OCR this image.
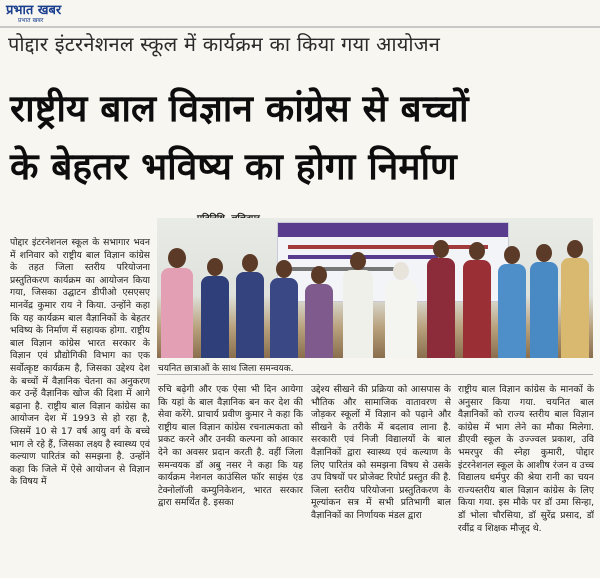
प्रभात खबर
प्रभात खबर
पोद्दार इंटरनेशनल स्कूल में कार्यक्रम का किया गया आयोजन
राष्ट्रीय बाल विज्ञान कांग्रेस से बच्चों
के बेहतर भविष्य का होगा निर्माण

पोद्दार इंटरनेशनल स्कूल के सभागार भवन में शनिवार को राष्ट्रीय बाल विज्ञान कांग्रेस के तहत जिला स्तरीय परियोजना प्रस्तुतिकरण कार्यक्रम का आयोजन किया गया, जिसका उद्घाटन डीपीओ एसएसए मानवेंद्र कुमार राय ने किया. उन्होंने कहा कि यह कार्यक्रम बाल वैज्ञानिकों के बेहतर भविष्य के निर्माण में सहायक होगा. राष्ट्रीय बाल विज्ञान कांग्रेस भारत सरकार के विज्ञान एवं प्रौद्योगिकी विभाग का एक सर्वोत्कृष्ट कार्यक्रम है, जिसका उद्देश्य देश के बच्चों में वैज्ञानिक चेतना का अनुकरण कर उन्हें वैज्ञानिक खोज की दिशा में आगे बढ़ाना है. राष्ट्रीय बाल विज्ञान कांग्रेस का आयोजन देश में 1993 से हो रहा है, जिसमें 10 से 17 वर्ष आयु वर्ग के बच्चे भाग ले रहे हैं, जिसका लक्ष्य है स्वास्थ्य एवं कल्याण पारितंत्र को समझना है. उन्होंने कहा कि जिले में ऐसे आयोजन से विज्ञान के विषय में

चयनित छात्राओं के साथ जिला समन्वयक.

रुचि बढ़ेगी और एक ऐसा भी दिन आयेगा कि यहां के बाल वैज्ञानिक बन कर देश की सेवा करेंगे. प्राचार्य प्रवीण कुमार ने कहा कि राष्ट्रीय बाल विज्ञान कांग्रेस रचनात्मकता को प्रकट करने और उनकी कल्पना को आकार देने का अवसर प्रदान करती है. वहीं जिला समन्वयक डॉ अबु नसर ने कहा कि यह कार्यक्रम नेशनल काउंसिल फॉर साइंस एंड टेक्नोलॉजी कम्युनिकेशन, भारत सरकार द्वारा समर्थित है. इसका

उद्देश्य सीखने की प्रक्रिया को आसपास के भौतिक और सामाजिक वातावरण से जोड़कर स्कूलों में विज्ञान को पढ़ाने और सीखने के तरीके में बदलाव लाना है. सरकारी एवं निजी विद्यालयों के बाल वैज्ञानिकों द्वारा स्वास्थ्य एवं कल्याण के लिए पारितंत्र को समझना विषय से उसके उप विषयों पर प्रोजेक्ट रिपोर्ट प्रस्तुत की है. जिला स्तरीय परियोजना प्रस्तुतिकरण के मूल्यांकन सत्र में सभी प्रतिभागी बाल वैज्ञानिकों का निर्णायक मंडल द्वारा

राष्ट्रीय बाल विज्ञान कांग्रेस के मानकों के अनुसार किया गया. चयनित बाल वैज्ञानिकों को राज्य स्तरीय बाल विज्ञान कांग्रेस में भाग लेने का मौका मिलेगा. डीएवी स्कूल के उज्ज्वल प्रकाश, उवि भमरपुर की स्नेहा कुमारी, पोद्दार इंटरनेशनल स्कूल के आशीष रंजन व उच्च विद्यालय धर्मपुर की श्रेया रानी का चयन राज्यस्तरीय बाल विज्ञान कांग्रेस के लिए किया गया. इस मौके पर डॉ उमा सिन्हा, डॉ भोला चौरसिया, डॉ सुरेंद्र प्रसाद, डॉ रवींद्र व शिक्षक मौजूद थे.
